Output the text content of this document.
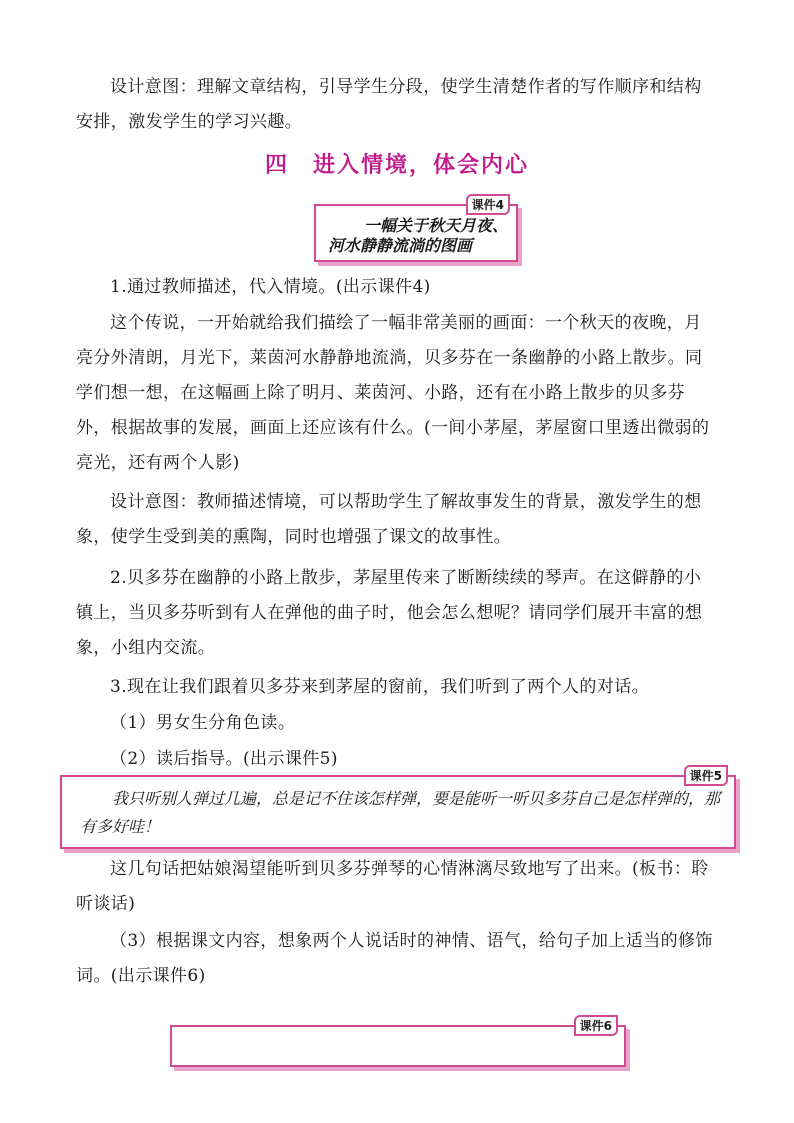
设计意图：理解文章结构，引导学生分段，使学生清楚作者的写作顺序和结构安排，激发学生的学习兴趣。

四　进入情境，体会内心
课件4

一幅关于秋天月夜、

河水静静流淌的图画

1.通过教师描述，代入情境。(出示课件4)

这个传说，一开始就给我们描绘了一幅非常美丽的画面：一个秋天的夜晚，月亮分外清朗，月光下，莱茵河水静静地流淌，贝多芬在一条幽静的小路上散步。同学们想一想，在这幅画上除了明月、莱茵河、小路，还有在小路上散步的贝多芬外，根据故事的发展，画面上还应该有什么。(一间小茅屋，茅屋窗口里透出微弱的亮光，还有两个人影)

设计意图：教师描述情境，可以帮助学生了解故事发生的背景，激发学生的想象，使学生受到美的熏陶，同时也增强了课文的故事性。

2.贝多芬在幽静的小路上散步，茅屋里传来了断断续续的琴声。在这僻静的小镇上，当贝多芬听到有人在弹他的曲子时，他会怎么想呢？请同学们展开丰富的想象，小组内交流。

3.现在让我们跟着贝多芬来到茅屋的窗前，我们听到了两个人的对话。

（1）男女生分角色读。

（2）读后指导。(出示课件5)

课件5

我只听别人弹过几遍，总是记不住该怎样弹，要是能听一听贝多芬自己是怎样弹的，那有多好哇！

这几句话把姑娘渴望能听到贝多芬弹琴的心情淋漓尽致地写了出来。(板书：聆听谈话)

（3）根据课文内容，想象两个人说话时的神情、语气，给句子加上适当的修饰词。(出示课件6)

课件6
